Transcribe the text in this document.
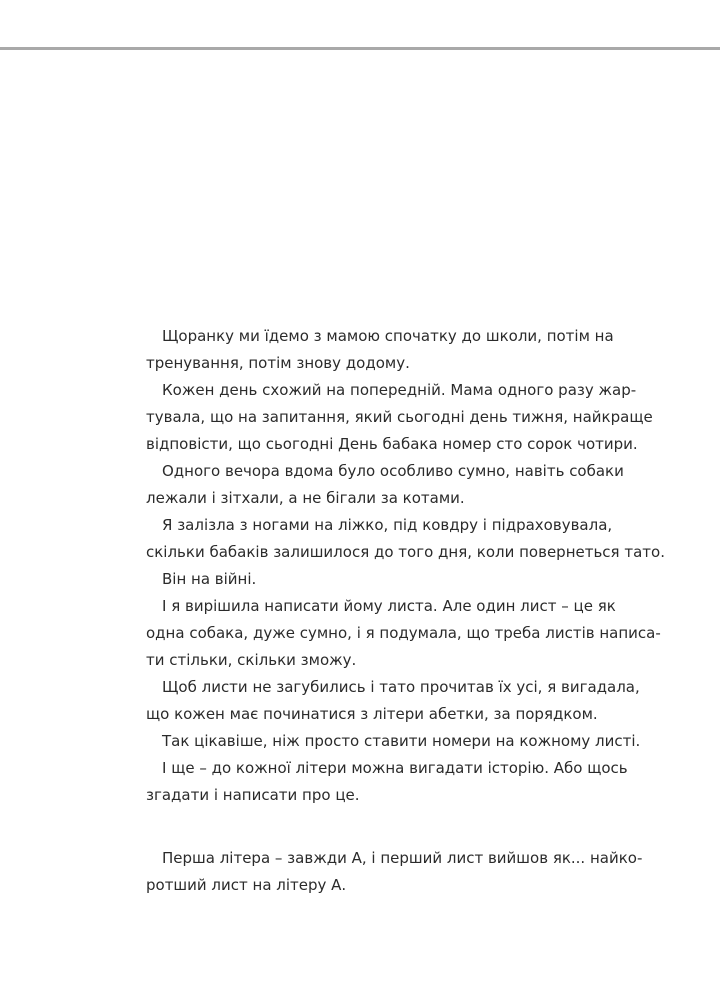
Щоранку ми їдемо з мамою спочатку до школи, потім на
тренування, потім знову додому.
Кожен день схожий на попередній. Мама одного разу жар-
тувала, що на запитання, який сьогодні день тижня, найкраще
відповісти, що сьогодні День бабака номер сто сорок чотири.
Одного вечора вдома було особливо сумно, навіть собаки
лежали і зітхали, а не бігали за котами.
Я залізла з ногами на ліжко, під ковдру і підраховувала,
скільки бабаків залишилося до того дня, коли повернеться тато.
Він на війні.
І я вирішила написати йому листа. Але один лист – це як
одна собака, дуже сумно, і я подумала, що треба листів написа-
ти стільки, скільки зможу.
Щоб листи не загубились і тато прочитав їх усі, я вигадала,
що кожен має починатися з літери абетки, за порядком.
Так цікавіше, ніж просто ставити номери на кожному листі.
І ще – до кожної літери можна вигадати історію. Або щось
згадати і написати про це.
Перша літера – завжди А, і перший лист вийшов як... найко-
ротший лист на літеру А.
